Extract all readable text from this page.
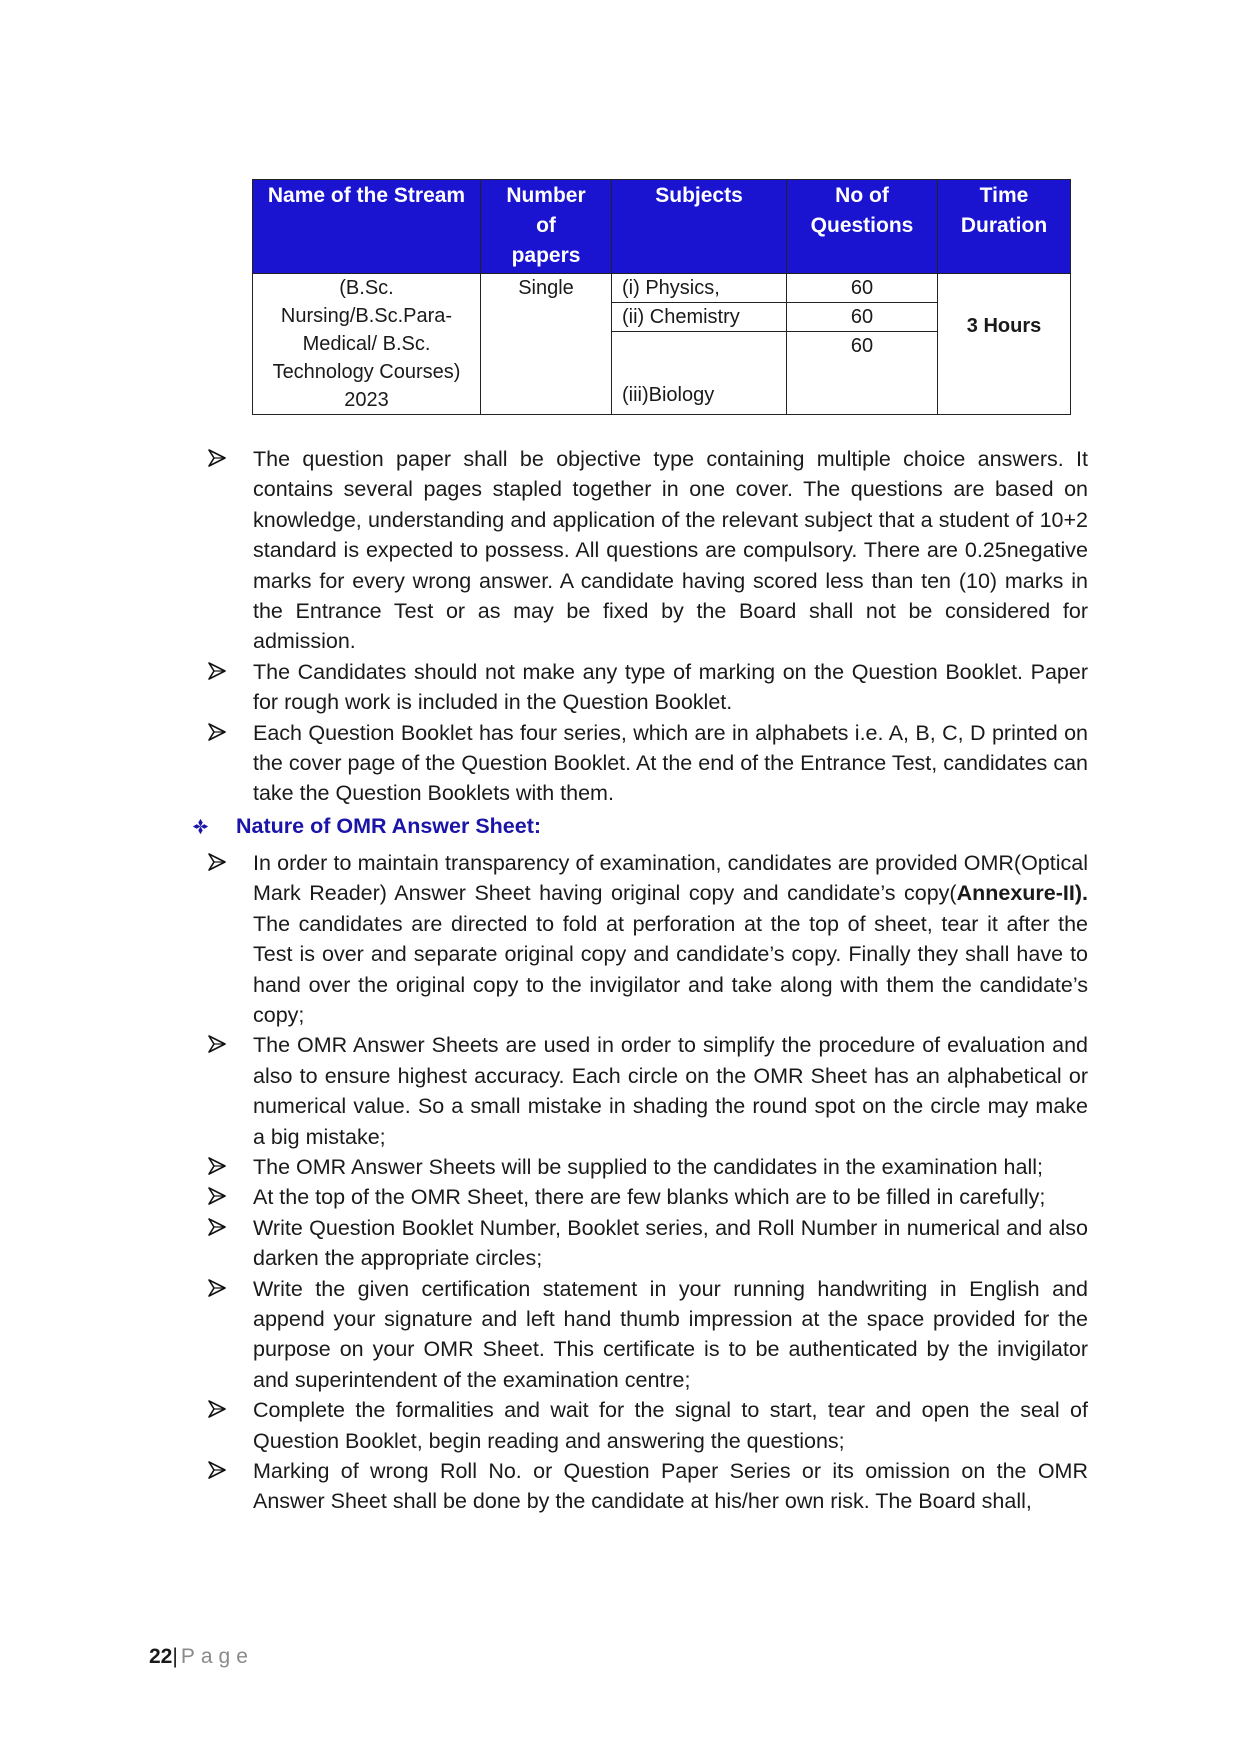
Name of the Stream	Number of papers	Subjects	No of Questions	Time Duration

(B.Sc.
Nursing/B.Sc.Para-
Medical/ B.Sc.
Technology Courses)
2023	Single	(i) Physics,	60	3 Hours
		(ii) Chemistry	60	
		(iii)Biology	60	
The question paper shall be objective type containing multiple choice answers. It contains several pages stapled together in one cover. The questions are based on knowledge, understanding and application of the relevant subject that a student of 10+2 standard is expected to possess. All questions are compulsory. There are 0.25negative marks for every wrong answer. A candidate having scored less than ten (10) marks in the Entrance Test or as may be fixed by the Board shall not be considered for admission.
The Candidates should not make any type of marking on the Question Booklet. Paper for rough work is included in the Question Booklet.
Each Question Booklet has four series, which are in alphabets i.e. A, B, C, D printed on the cover page of the Question Booklet. At the end of the Entrance Test, candidates can take the Question Booklets with them.
Nature of OMR Answer Sheet:
In order to maintain transparency of examination, candidates are provided OMR(Optical Mark Reader) Answer Sheet having original copy and candidate’s copy(Annexure-II). The candidates are directed to fold at perforation at the top of sheet, tear it after the Test is over and separate original copy and candidate’s copy. Finally they shall have to hand over the original copy to the invigilator and take along with them the candidate’s copy;
The OMR Answer Sheets are used in order to simplify the procedure of evaluation and also to ensure highest accuracy. Each circle on the OMR Sheet has an alphabetical or numerical value. So a small mistake in shading the round spot on the circle may make a big mistake;
The OMR Answer Sheets will be supplied to the candidates in the examination hall;
At the top of the OMR Sheet, there are few blanks which are to be filled in carefully;
Write Question Booklet Number, Booklet series, and Roll Number in numerical and also darken the appropriate circles;
Write the given certification statement in your running handwriting in English and append your signature and left hand thumb impression at the space provided for the purpose on your OMR Sheet. This certificate is to be authenticated by the invigilator and superintendent of the examination centre;
Complete the formalities and wait for the signal to start, tear and open the seal of Question Booklet, begin reading and answering the questions;
Marking of wrong Roll No. or Question Paper Series or its omission on the OMR Answer Sheet shall be done by the candidate at his/her own risk. The Board shall,
22| Page
